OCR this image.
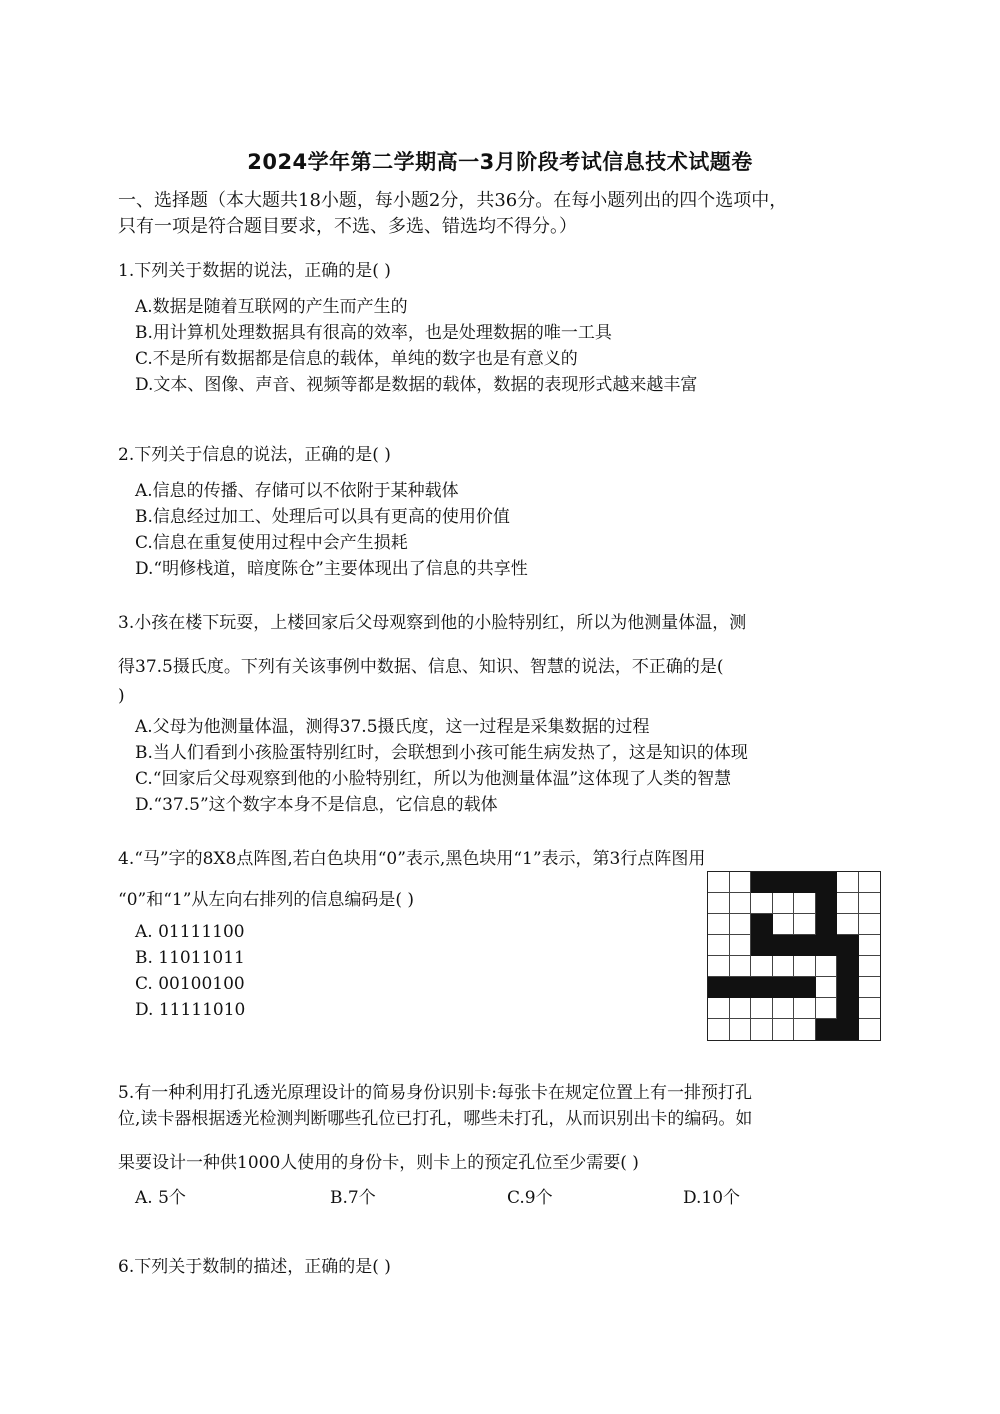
2024学年第二学期高一3月阶段考试信息技术试题卷
一、选择题（本大题共18小题，每小题2分，共36分。在每小题列出的四个选项中，
只有一项是符合题目要求，不选、多选、错选均不得分。）
1.下列关于数据的说法，正确的是( )
A.数据是随着互联网的产生而产生的
B.用计算机处理数据具有很高的效率，也是处理数据的唯一工具
C.不是所有数据都是信息的载体，单纯的数字也是有意义的
D.文本、图像、声音、视频等都是数据的载体，数据的表现形式越来越丰富
2.下列关于信息的说法，正确的是( )
A.信息的传播、存储可以不依附于某种载体
B.信息经过加工、处理后可以具有更高的使用价值
C.信息在重复使用过程中会产生损耗
D.“明修栈道，暗度陈仓”主要体现出了信息的共享性
3.小孩在楼下玩耍，上楼回家后父母观察到他的小脸特别红，所以为他测量体温，测
得37.5摄氏度。下列有关该事例中数据、信息、知识、智慧的说法，不正确的是(
)
A.父母为他测量体温，测得37.5摄氏度，这一过程是采集数据的过程
B.当人们看到小孩脸蛋特别红时，会联想到小孩可能生病发热了，这是知识的体现
C.“回家后父母观察到他的小脸特别红，所以为他测量体温”这体现了人类的智慧
D.“37.5”这个数字本身不是信息，它信息的载体
4.“马”字的8X8点阵图,若白色块用“0”表示,黑色块用“1”表示，第3行点阵图用
“0”和“1”从左向右排列的信息编码是( )
A. 01111100
B. 11011011
C. 00100100
D. 11111010
5.有一种利用打孔透光原理设计的简易身份识别卡:每张卡在规定位置上有一排预打孔
位,读卡器根据透光检测判断哪些孔位已打孔，哪些未打孔，从而识别出卡的编码。如
果要设计一种供1000人使用的身份卡，则卡上的预定孔位至少需要( )
A. 5个	B.7个	C.9个	D.10个
6.下列关于数制的描述，正确的是( )
